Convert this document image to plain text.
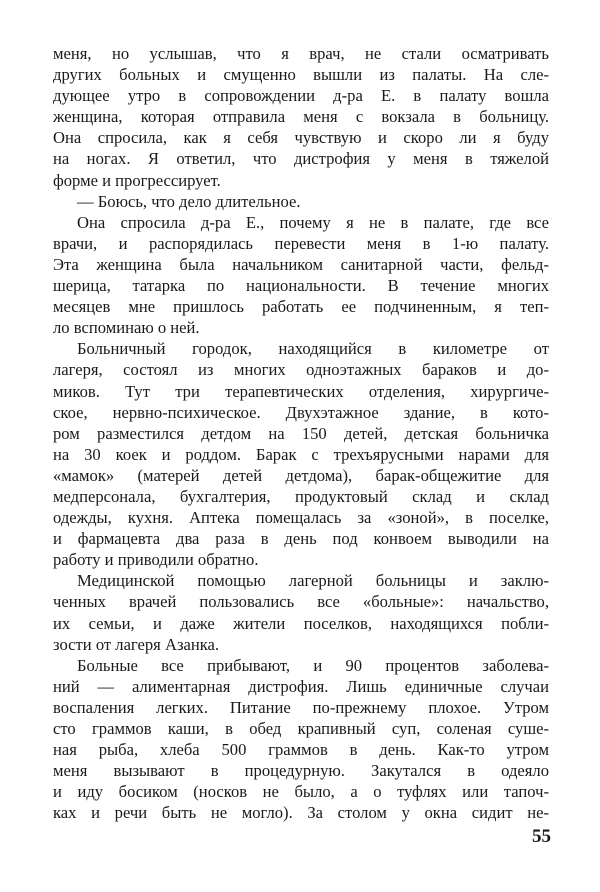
меня, но услышав, что я врач, не стали осматривать
других больных и смущенно вышли из палаты. На сле-
дующее утро в сопровождении д-ра Е. в палату вошла
женщина, которая отправила меня с вокзала в больницу.
Она спросила, как я себя чувствую и скоро ли я буду
на ногах. Я ответил, что дистрофия у меня в тяжелой
форме и прогрессирует.
— Боюсь, что дело длительное.
Она спросила д-ра Е., почему я не в палате, где все
врачи, и распорядилась перевести меня в 1-ю палату.
Эта женщина была начальником санитарной части, фельд-
шерица, татарка по национальности. В течение многих
месяцев мне пришлось работать ее подчиненным, я теп-
ло вспоминаю о ней.
Больничный городок, находящийся в километре от
лагеря, состоял из многих одноэтажных бараков и до-
миков. Тут три терапевтических отделения, хирургиче-
ское, нервно-психическое. Двухэтажное здание, в кото-
ром разместился детдом на 150 детей, детская больничка
на 30 коек и роддом. Барак с трехъярусными нарами для
«мамок» (матерей детей детдома), барак-общежитие для
медперсонала, бухгалтерия, продуктовый склад и склад
одежды, кухня. Аптека помещалась за «зоной», в поселке,
и фармацевта два раза в день под конвоем выводили на
работу и приводили обратно.
Медицинской помощью лагерной больницы и заклю-
ченных врачей пользовались все «больные»: начальство,
их семьи, и даже жители поселков, находящихся побли-
зости от лагеря Азанка.
Больные все прибывают, и 90 процентов заболева-
ний — алиментарная дистрофия. Лишь единичные случаи
воспаления легких. Питание по-прежнему плохое. Утром
сто граммов каши, в обед крапивный суп, соленая суше-
ная рыба, хлеба 500 граммов в день. Как-то утром
меня вызывают в процедурную. Закутался в одеяло
и иду босиком (носков не было, а о туфлях или тапоч-
ках и речи быть не могло). За столом у окна сидит не-
55
